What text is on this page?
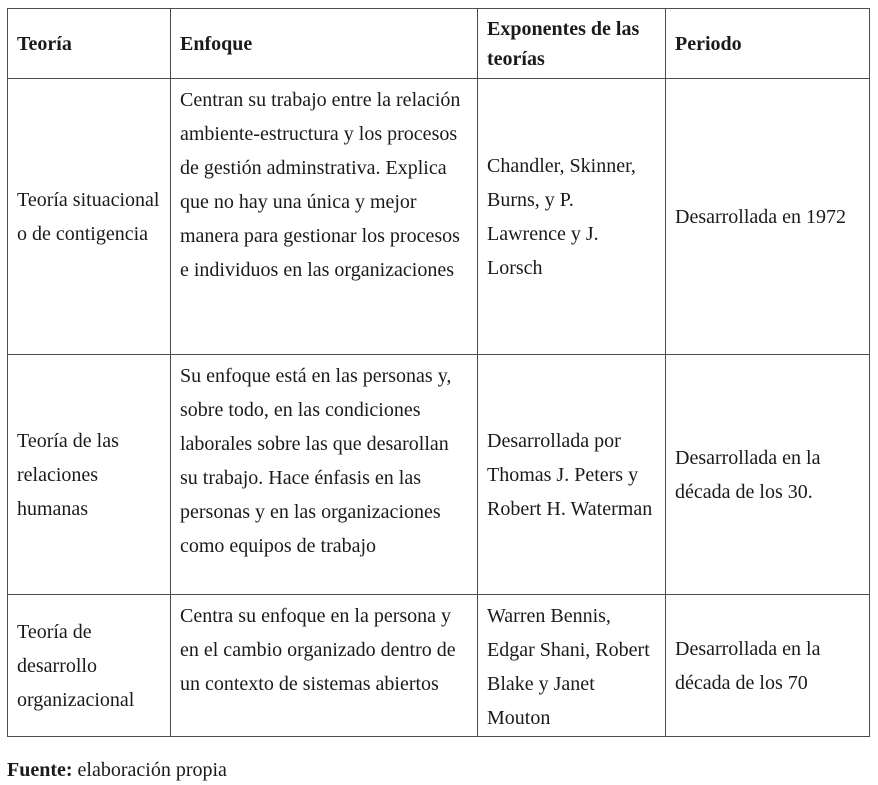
Teoría	Enfoque	Exponentes de las teorías	Periodo
Teoría situacional o de contigencia	Centran su trabajo entre la relación ambiente-estructura y los procesos de gestión adminstrativa. Explica que no hay una única y mejor manera para gestionar los procesos e individuos en las organizaciones	Chandler, Skinner, Burns, y P. Lawrence y J. Lorsch	Desarrollada en 1972
Teoría de las relaciones humanas	Su enfoque está en las personas y, sobre todo, en las condiciones laborales sobre las que desarollan su trabajo. Hace énfasis en las personas y en las organizaciones como equipos de trabajo	Desarrollada por Thomas J. Peters y Robert H. Waterman	Desarrollada en la década de los 30.
Teoría de desarrollo organizacional	Centra su enfoque en la persona y en el cambio organizado dentro de un contexto de sistemas abiertos	Warren Bennis, Edgar Shani, Robert Blake y Janet Mouton	Desarrollada en la década de los 70
Fuente: elaboración propia
